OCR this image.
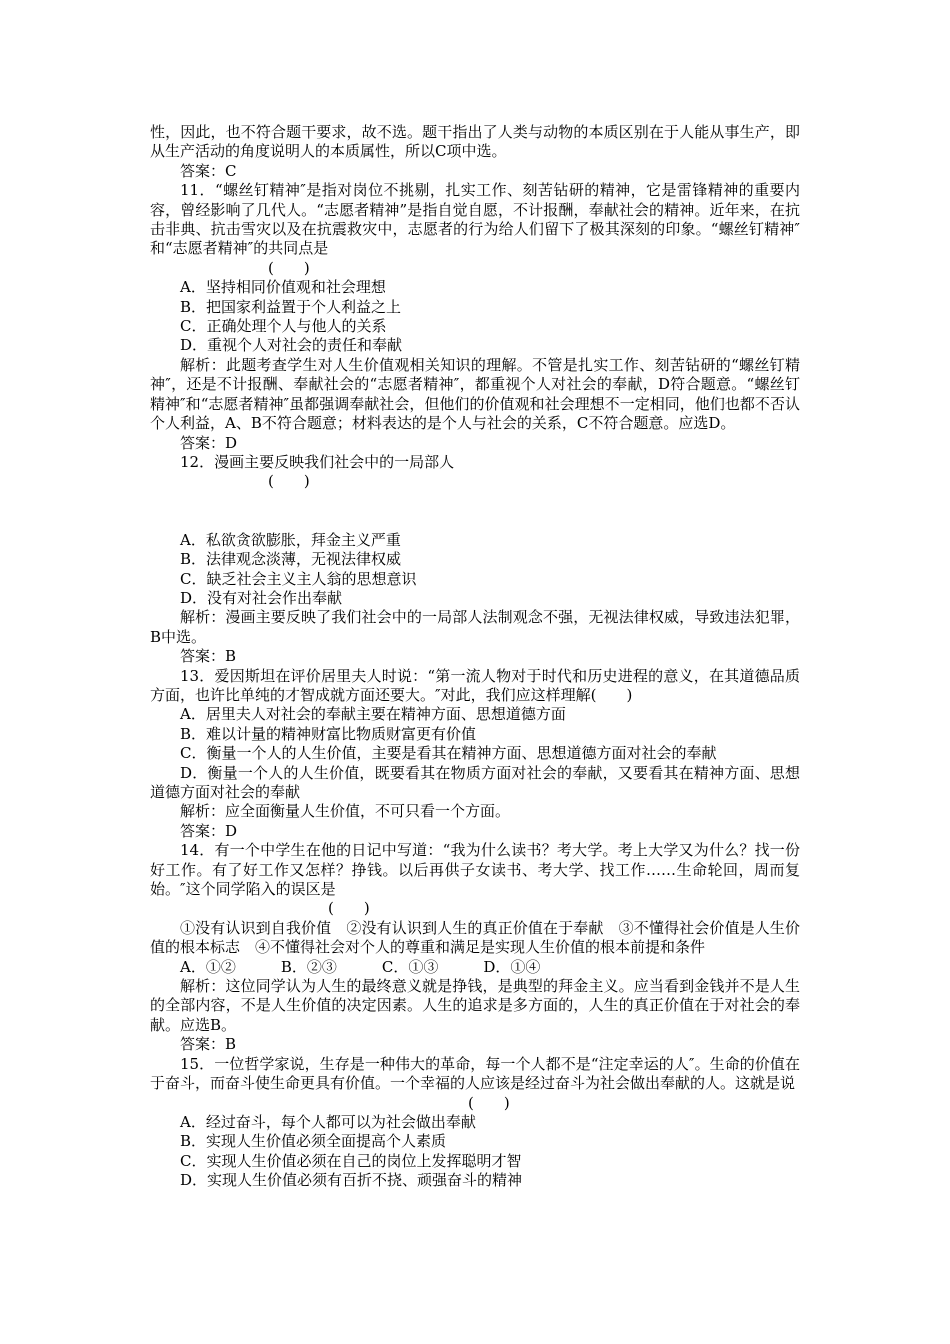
性，因此，也不符合题干要求，故不选。题干指出了人类与动物的本质区别在于人能从事生产，即从生产活动的角度说明人的本质属性，所以C项中选。

答案：C

11．“螺丝钉精神″是指对岗位不挑剔，扎实工作、刻苦钻研的精神，它是雷锋精神的重要内容，曾经影响了几代人。“志愿者精神”是指自觉自愿，不计报酬，奉献社会的精神。近年来，在抗击非典、抗击雪灾以及在抗震救灾中，志愿者的行为给人们留下了极其深刻的印象。“螺丝钉精神″和“志愿者精神″的共同点是

(　　)

A．坚持相同价值观和社会理想

B．把国家利益置于个人利益之上

C．正确处理个人与他人的关系

D．重视个人对社会的责任和奉献

解析：此题考查学生对人生价值观相关知识的理解。不管是扎实工作、刻苦钻研的“螺丝钉精神″，还是不计报酬、奉献社会的“志愿者精神″，都重视个人对社会的奉献，D符合题意。“螺丝钉精神″和“志愿者精神″虽都强调奉献社会，但他们的价值观和社会理想不一定相同，他们也都不否认个人利益，A、B不符合题意；材料表达的是个人与社会的关系，C不符合题意。应选D。

答案：D

12．漫画主要反映我们社会中的一局部人

(　　)

A．私欲贪欲膨胀，拜金主义严重

B．法律观念淡薄，无视法律权威

C．缺乏社会主义主人翁的思想意识

D．没有对社会作出奉献

解析：漫画主要反映了我们社会中的一局部人法制观念不强，无视法律权威，导致违法犯罪，B中选。

答案：B

13．爱因斯坦在评价居里夫人时说：“第一流人物对于时代和历史进程的意义，在其道德品质方面，也许比单纯的才智成就方面还要大。″对此，我们应这样理解(　　)

A．居里夫人对社会的奉献主要在精神方面、思想道德方面

B．难以计量的精神财富比物质财富更有价值

C．衡量一个人的人生价值，主要是看其在精神方面、思想道德方面对社会的奉献

D．衡量一个人的人生价值，既要看其在物质方面对社会的奉献，又要看其在精神方面、思想道德方面对社会的奉献

解析：应全面衡量人生价值，不可只看一个方面。

答案：D

14．有一个中学生在他的日记中写道：“我为什么读书？考大学。考上大学又为什么？找一份好工作。有了好工作又怎样？挣钱。以后再供子女读书、考大学、找工作……生命轮回，周而复始。″这个同学陷入的误区是

(　　)

①没有认识到自我价值　②没有认识到人生的真正价值在于奉献　③不懂得社会价值是人生价值的根本标志　④不懂得社会对个人的尊重和满足是实现人生价值的根本前提和条件

A．①②　　　B．②③　　　C．①③　　　D．①④

解析：这位同学认为人生的最终意义就是挣钱，是典型的拜金主义。应当看到金钱并不是人生的全部内容，不是人生价值的决定因素。人生的追求是多方面的，人生的真正价值在于对社会的奉献。应选B。

答案：B

15．一位哲学家说，生存是一种伟大的革命，每一个人都不是“注定幸运的人″。生命的价值在于奋斗，而奋斗使生命更具有价值。一个幸福的人应该是经过奋斗为社会做出奉献的人。这就是说

(　　)

A．经过奋斗，每个人都可以为社会做出奉献

B．实现人生价值必须全面提高个人素质

C．实现人生价值必须在自己的岗位上发挥聪明才智

D．实现人生价值必须有百折不挠、顽强奋斗的精神
